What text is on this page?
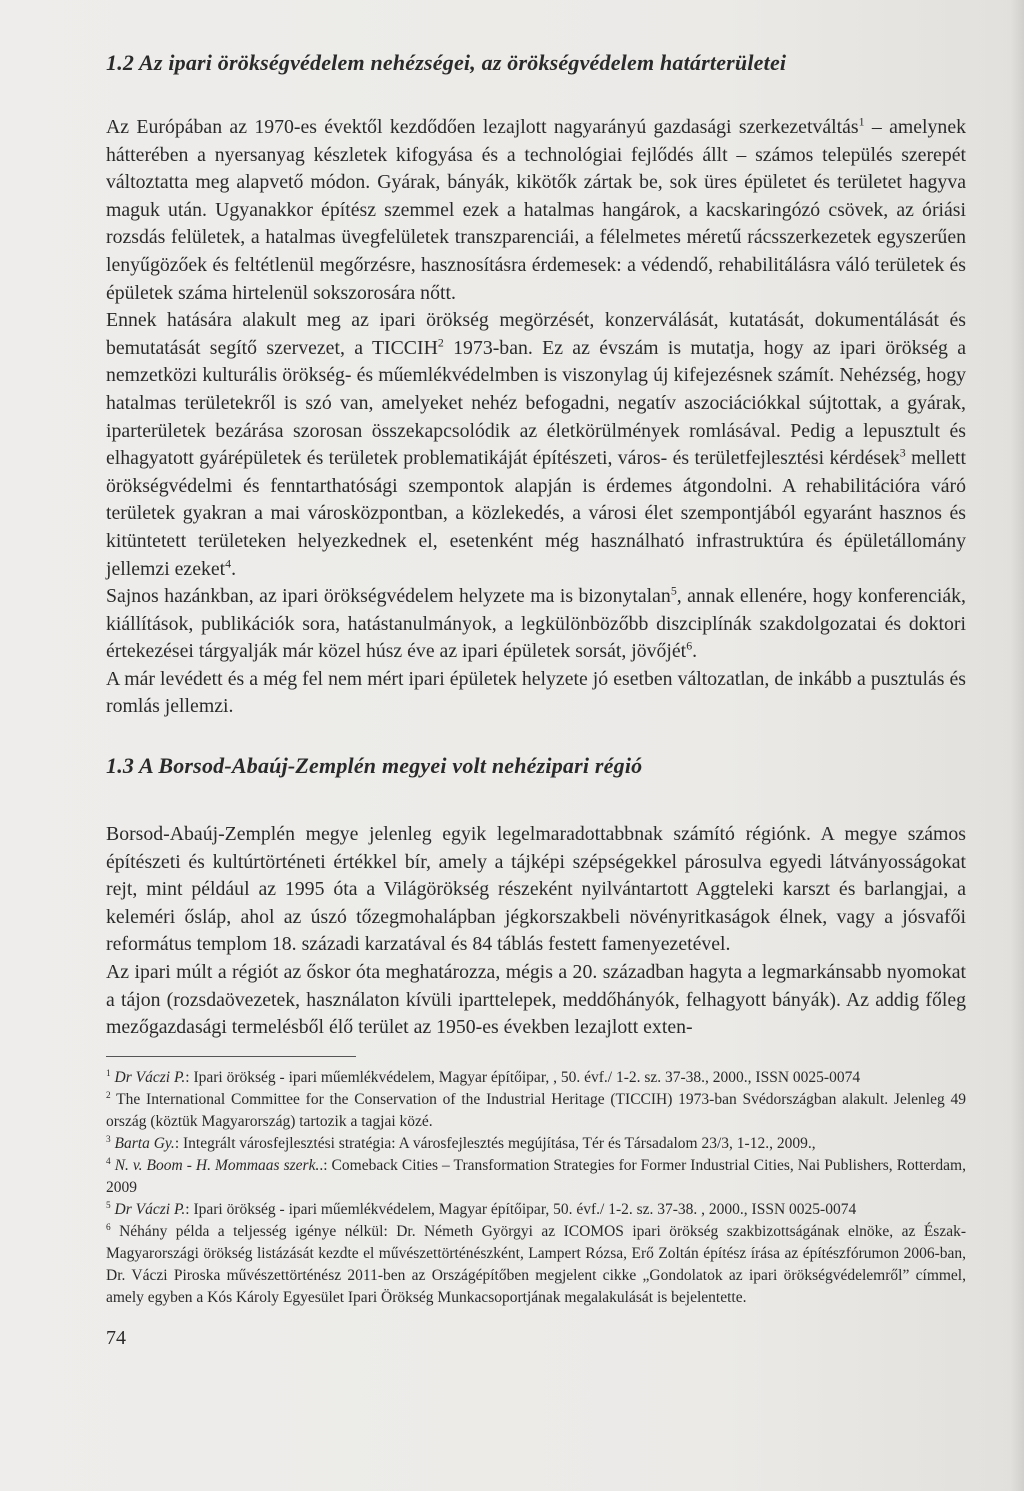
1.2 Az ipari örökségvédelem nehézségei, az örökségvédelem határterületei

Az Európában az 1970-es évektől kezdődően lezajlott nagyarányú gazdasági szerkezetváltás$^1$ – amelynek hátterében a nyersanyag készletek kifogyása és a technológiai fejlődés állt – számos település szerepét változtatta meg alapvető módon. Gyárak, bányák, kikötők zártak be, sok üres épületet és területet hagyva maguk után. Ugyanakkor építész szemmel ezek a hatalmas hangárok, a kacskaringózó csövek, az óriási rozsdás felületek, a hatalmas üvegfelületek transzparenciái, a félelmetes méretű rácsszerkezetek egyszerűen lenyűgözőek és feltétlenül megőrzésre, hasznosításra érdemesek: a védendő, rehabilitálásra váló területek és épületek száma hirtelenül sokszorosára nőtt.

Ennek hatására alakult meg az ipari örökség megörzését, konzerválását, kutatását, dokumentálását és bemutatását segítő szervezet, a TICCIH$^2$ 1973-ban. Ez az évszám is mutatja, hogy az ipari örökség a nemzetközi kulturális örökség- és műemlékvédelmben is viszonylag új kifejezésnek számít. Nehézség, hogy hatalmas területekről is szó van, amelyeket nehéz befogadni, negatív aszociációkkal sújtottak, a gyárak, iparterületek bezárása szorosan összekapcsolódik az életkörülmények romlásával. Pedig a lepusztult és elhagyatott gyárépületek és területek problematikáját építészeti, város- és területfejlesztési kérdések$^3$ mellett örökségvédelmi és fenntarthatósági szempontok alapján is érdemes átgondolni. A rehabilitációra váró területek gyakran a mai városközpontban, a közlekedés, a városi élet szempontjából egyaránt hasznos és kitüntetett területeken helyezkednek el, esetenként még használható infrastruktúra és épületállomány jellemzi ezeket$^4$.

Sajnos hazánkban, az ipari örökségvédelem helyzete ma is bizonytalan$^5$, annak ellenére, hogy konferenciák, kiállítások, publikációk sora, hatástanulmányok, a legkülönbözőbb diszciplínák szakdolgozatai és doktori értekezései tárgyalják már közel húsz éve az ipari épületek sorsát, jövőjét$^6$.

A már levédett és a még fel nem mért ipari épületek helyzete jó esetben változatlan, de inkább a pusztulás és romlás jellemzi.

1.3 A Borsod-Abaúj-Zemplén megyei volt nehézipari régió

Borsod-Abaúj-Zemplén megye jelenleg egyik legelmaradottabbnak számító régiónk. A megye számos építészeti és kultúrtörténeti értékkel bír, amely a tájképi szépségekkel párosulva egyedi látványosságokat rejt, mint például az 1995 óta a Világörökség részeként nyilvántartott Aggteleki karszt és barlangjai, a keleméri ősláp, ahol az úszó tőzegmohalápban jégkorszakbeli növényritkaságok élnek, vagy a jósvafői református templom 18. századi karzatával és 84 táblás festett famenyezetével.

Az ipari múlt a régiót az őskor óta meghatározza, mégis a 20. században hagyta a legmarkánsabb nyomokat a tájon (rozsdaövezetek, használaton kívüli iparttelepek, meddőhányók, felhagyott bányák). Az addig főleg mezőgazdasági termelésből élő terület az 1950-es években lezajlott exten-

$^1$ Dr Váczi P.: Ipari örökség - ipari műemlékvédelem, Magyar építőipar, , 50. évf./ 1-2. sz. 37-38., 2000., ISSN 0025-0074

$^2$ The International Committee for the Conservation of the Industrial Heritage (TICCIH) 1973-ban Svédországban alakult. Jelenleg 49 ország (köztük Magyarország) tartozik a tagjai közé.

$^3$ Barta Gy.: Integrált városfejlesztési stratégia: A városfejlesztés megújítása, Tér és Társadalom 23/3, 1-12., 2009.,

$^4$ N. v. Boom - H. Mommaas szerk..: Comeback Cities – Transformation Strategies for Former Industrial Cities, Nai Publishers, Rotterdam, 2009

$^5$ Dr Váczi P.: Ipari örökség - ipari műemlékvédelem, Magyar építőipar, 50. évf./ 1-2. sz. 37-38. , 2000., ISSN 0025-0074

$^6$ Néhány példa a teljesség igénye nélkül: Dr. Németh Györgyi az ICOMOS ipari örökség szakbizottságának elnöke, az Észak-Magyarországi örökség listázását kezdte el művészettörténészként, Lampert Rózsa, Erő Zoltán építész írása az építészfórumon 2006-ban, Dr. Váczi Piroska művészettörténész 2011-ben az Országépítőben megjelent cikke „Gondolatok az ipari örökségvédelemről” címmel, amely egyben a Kós Károly Egyesület Ipari Örökség Munkacsoportjának megalakulását is bejelentette.

74
